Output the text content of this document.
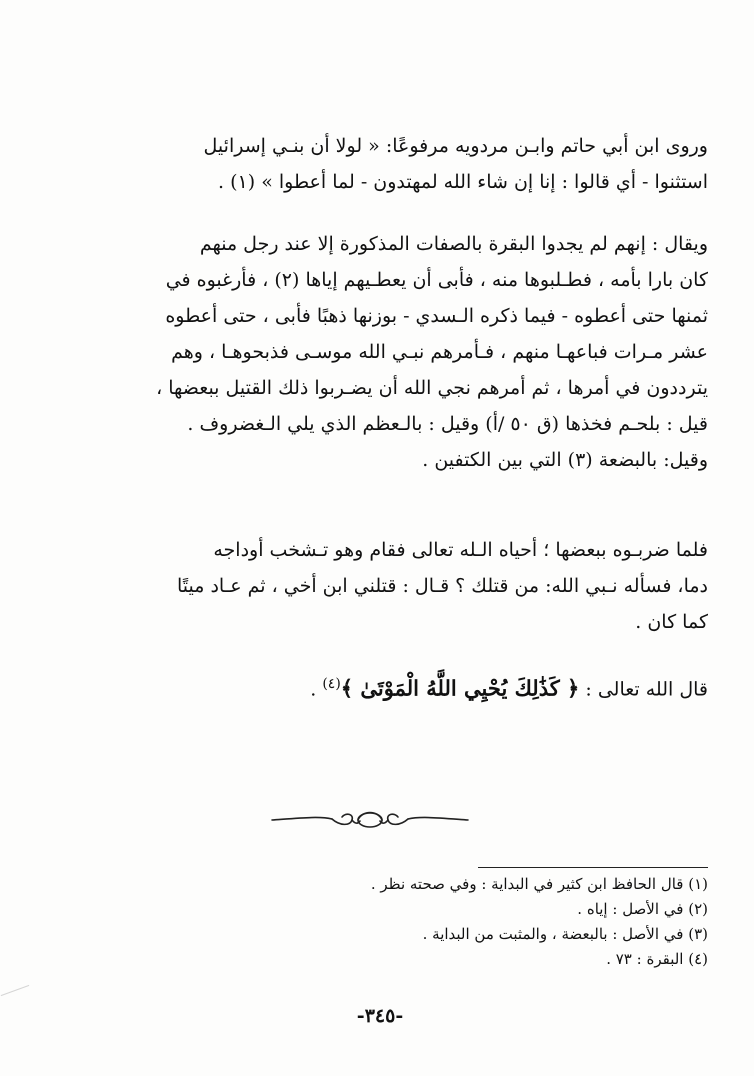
وروى ابن أبي حاتم وابـن مردويه مرفوعًا: « لولا أن بنـي إسرائيل
استثنوا - أي قالوا : إنا إن شاء الله لمهتدون - لما أعطوا » (١) .
ويقال : إنهم لم يجدوا البقرة بالصفات المذكورة إلا عند رجل منهم
كان بارا بأمه ، فطـلبوها منه ، فأبى أن يعطـيهم إياها (٢) ، فأرغبوه في
ثمنها حتى أعطوه - فيما ذكره الـسدي - بوزنها ذهبًا فأبى ، حتى أعطوه
عشر مـرات فباعهـا منهم ، فـأمرهم نبـي الله موسـى فذبحوهـا ، وهم
يترددون في أمرها ، ثم أمرهم نجي الله أن يضـربوا ذلك القتيل ببعضها ،
قيل : بلحـم فخذها (ق ٥٠ /أ) وقيل : بالـعظم الذي يلي الـغضروف .
وقيل: بالبضعة (٣) التي بين الكتفين .
فلما ضربـوه ببعضها ؛ أحياه الـله تعالى فقام وهو تـشخب أوداجه
دما، فسأله نـبي الله: من قتلك ؟ قـال : قتلني ابن أخي ، ثم عـاد ميتًا
كما كان .
قال الله تعالى : ﴿ كَذَٰلِكَ يُحْيِي اللَّهُ الْمَوْتَىٰ ﴾$^{(٤)}$ .
(١) قال الحافظ ابن كثير في البداية : وفي صحته نظر .
(٢) في الأصل : إياه .
(٣) في الأصل : بالبعضة ، والمثبت من البداية .
(٤) البقرة : ٧٣ .
-٣٤٥-
